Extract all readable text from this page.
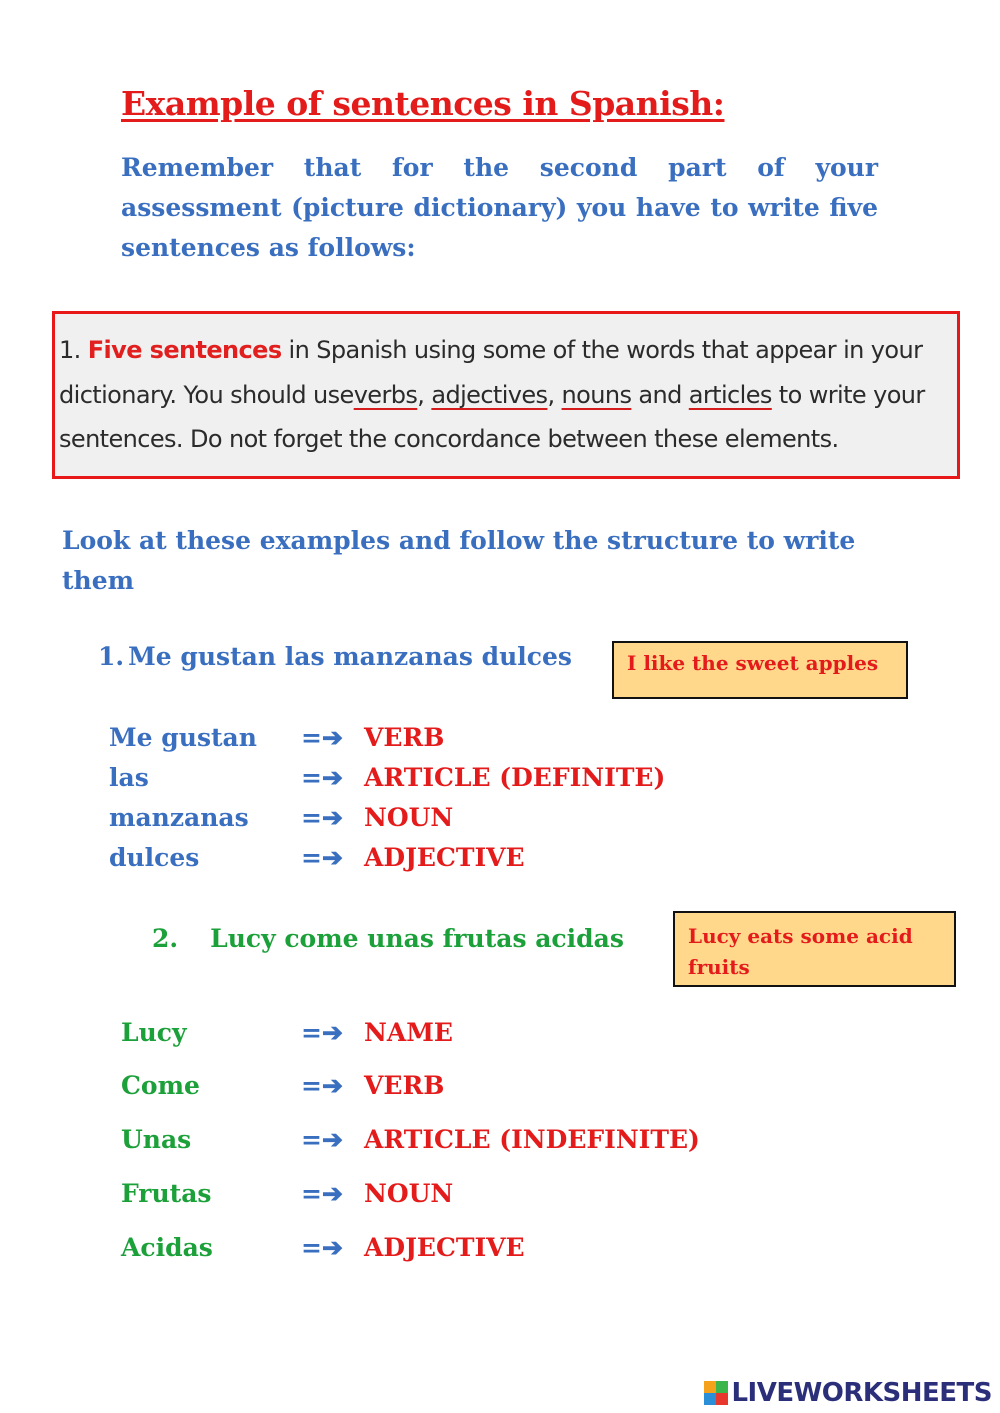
Example of sentences in Spanish:
Remember that for the second part of your assessment (picture dictionary) you have to write five sentences as follows:
1. Five sentences in Spanish using some of the words that appear in your dictionary. You should useverbs, adjectives, nouns and articles to write your sentences. Do not forget the concordance between these elements.
Look at these examples and follow the structure to write them
1. Me gustan las manzanas dulces	I like the sweet apples
Me gustan =➔ VERB
las	=➔ ARTICLE (DEFINITE)
manzanas =➔ NOUN
dulces	=➔ ADJECTIVE
2. Lucy come unas frutas acidas	Lucy eats some acid fruits
Lucy	=➔ NAME
Come	=➔ VERB
Unas	=➔ ARTICLE (INDEFINITE)
Frutas	=➔ NOUN
Acidas	=➔ ADJECTIVE
LIVEWORKSHEETS
